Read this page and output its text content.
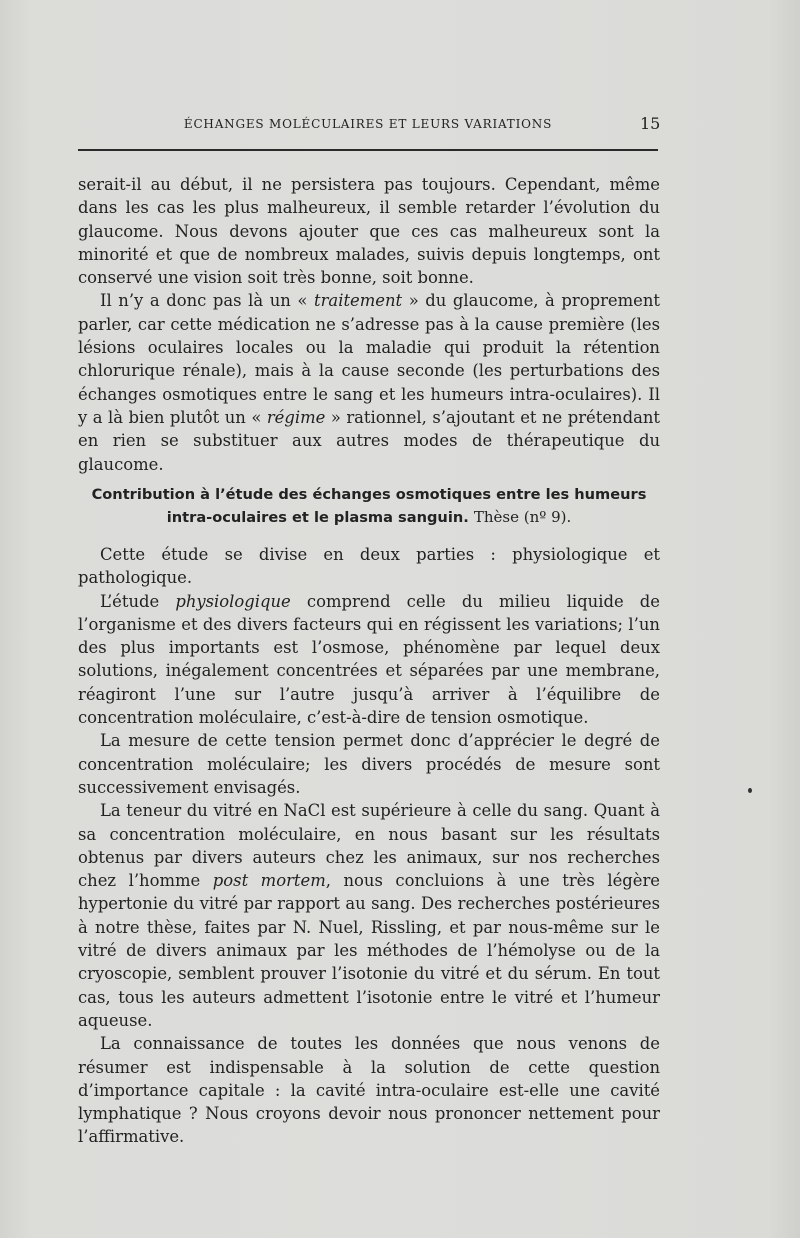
ÉCHANGES MOLÉCULAIRES ET LEURS VARIATIONS	15

serait-il au début, il ne persistera pas toujours. Cependant, même dans les cas les plus malheureux, il semble retarder l’évolution du glaucome. Nous devons ajouter que ces cas malheureux sont la minorité et que de nombreux malades, suivis depuis longtemps, ont conservé une vision soit très bonne, soit bonne.

Il n’y a donc pas là un « traitement » du glaucome, à proprement parler, car cette médication ne s’adresse pas à la cause première (les lésions oculaires locales ou la maladie qui produit la rétention chlorurique rénale), mais à la cause seconde (les perturbations des échanges osmotiques entre le sang et les humeurs intra-oculaires). Il y a là bien plutôt un « régime » rationnel, s’ajoutant et ne prétendant en rien se substituer aux autres modes de thérapeutique du glaucome.

Contribution à l’étude des échanges osmotiques entre les humeurs intra-oculaires et le plasma sanguin. Thèse (nº 9).

Cette étude se divise en deux parties : physiologique et pathologique.

L’étude physiologique comprend celle du milieu liquide de l’organisme et des divers facteurs qui en régissent les variations; l’un des plus importants est l’osmose, phénomène par lequel deux solutions, inégalement concentrées et séparées par une membrane, réagiront l’une sur l’autre jusqu’à arriver à l’équilibre de concentration moléculaire, c’est-à-dire de tension osmotique.

La mesure de cette tension permet donc d’apprécier le degré de concentration moléculaire; les divers procédés de mesure sont successivement envisagés.

La teneur du vitré en NaCl est supérieure à celle du sang. Quant à sa concentration moléculaire, en nous basant sur les résultats obtenus par divers auteurs chez les animaux, sur nos recherches chez l’homme post mortem, nous concluions à une très légère hypertonie du vitré par rapport au sang. Des recherches postérieures à notre thèse, faites par N. Nuel, Rissling, et par nous-même sur le vitré de divers animaux par les méthodes de l’hémolyse ou de la cryoscopie, semblent prouver l’isotonie du vitré et du sérum. En tout cas, tous les auteurs admettent l’isotonie entre le vitré et l’humeur aqueuse.

La connaissance de toutes les données que nous venons de résumer est indispensable à la solution de cette question d’importance capitale : la cavité intra-oculaire est-elle une cavité lymphatique ? Nous croyons devoir nous prononcer nettement pour l’affirmative.
